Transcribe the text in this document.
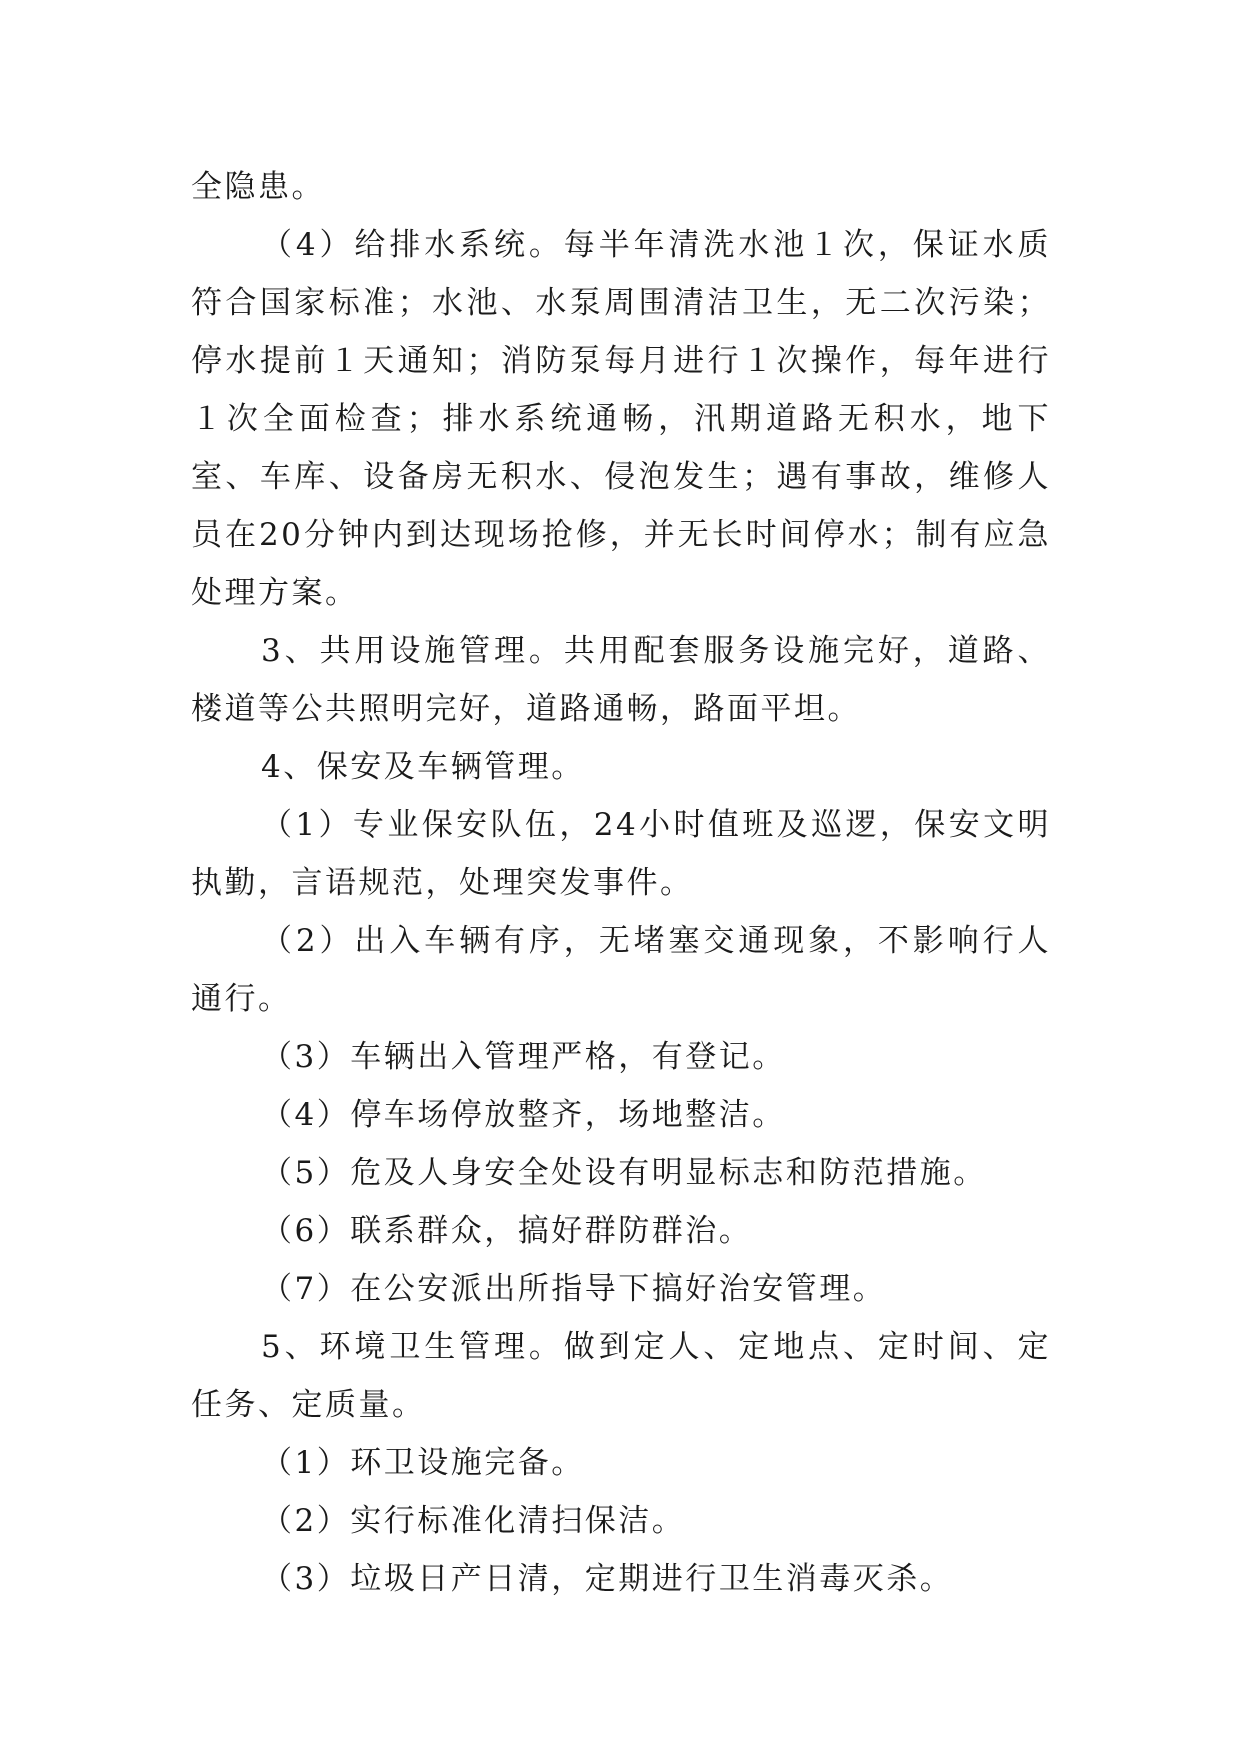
全隐患。

（4）给排水系统。每半年清洗水池１次，保证水质符合国家标准；水池、水泵周围清洁卫生，无二次污染；停水提前１天通知；消防泵每月进行１次操作，每年进行１次全面检查；排水系统通畅，汛期道路无积水，地下室、车库、设备房无积水、侵泡发生；遇有事故，维修人员在20分钟内到达现场抢修，并无长时间停水；制有应急处理方案。

3、共用设施管理。共用配套服务设施完好，道路、楼道等公共照明完好，道路通畅，路面平坦。

4、保安及车辆管理。

（1）专业保安队伍，24小时值班及巡逻，保安文明执勤，言语规范，处理突发事件。

（2）出入车辆有序，无堵塞交通现象，不影响行人通行。

（3）车辆出入管理严格，有登记。

（4）停车场停放整齐，场地整洁。

（5）危及人身安全处设有明显标志和防范措施。

（6）联系群众，搞好群防群治。

（7）在公安派出所指导下搞好治安管理。

5、环境卫生管理。做到定人、定地点、定时间、定任务、定质量。

（1）环卫设施完备。

（2）实行标准化清扫保洁。

（3）垃圾日产日清，定期进行卫生消毒灭杀。
